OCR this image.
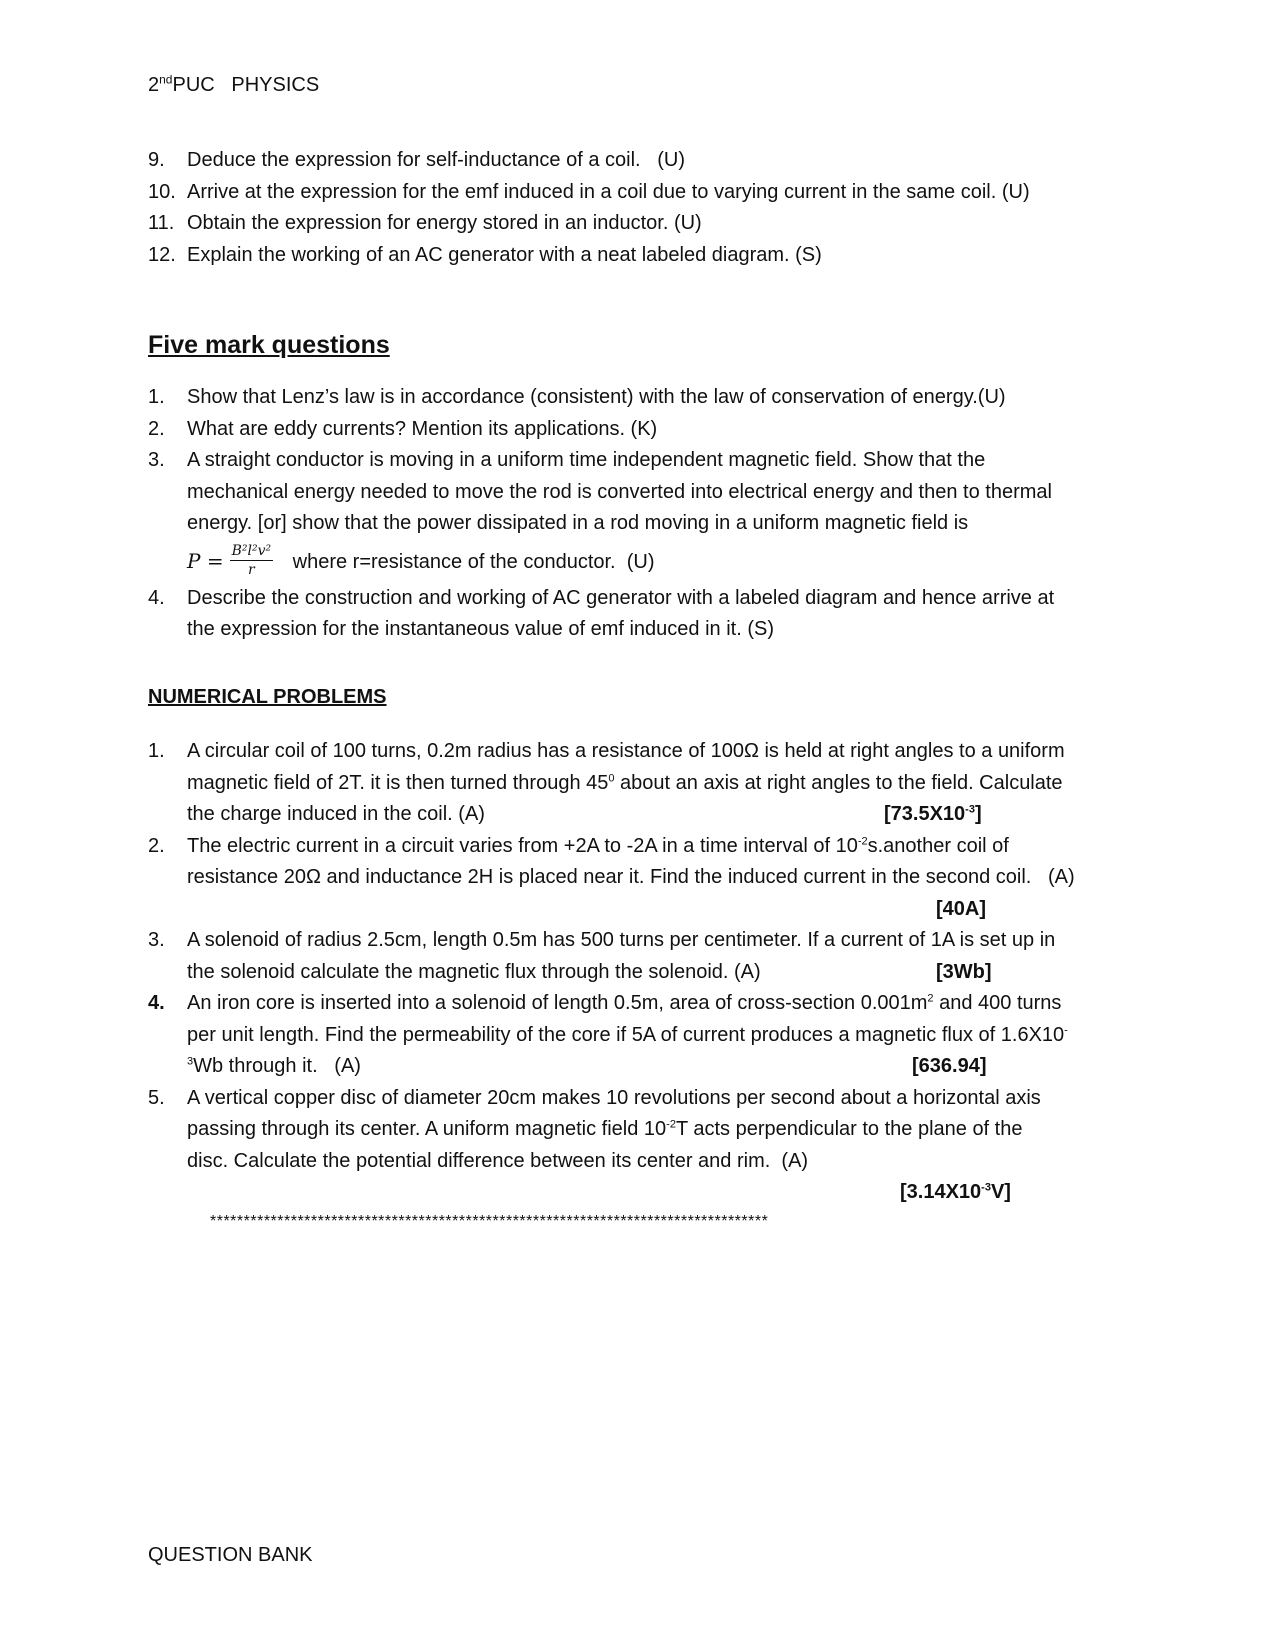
2ndPUC   PHYSICS
9. Deduce the expression for self-inductance of a coil.   (U)
10. Arrive at the expression for the emf induced in a coil due to varying current in the same coil. (U)
11. Obtain the expression for energy stored in an inductor. (U)
12. Explain the working of an AC generator with a neat labeled diagram. (S)
Five mark questions
1. Show that Lenz’s law is in accordance (consistent) with the law of conservation of energy.(U)
2. What are eddy currents? Mention its applications. (K)
3. A straight conductor is moving in a uniform time independent magnetic field. Show that the
mechanical energy needed to move the rod is converted into electrical energy and then to thermal
energy. [or] show that the power dissipated in a rod moving in a uniform magnetic field is
$P = \frac{\text{B²l²v²}}{r}$ where r=resistance of the conductor.  (U)
4. Describe the construction and working of AC generator with a labeled diagram and hence arrive at
the expression for the instantaneous value of emf induced in it. (S)
NUMERICAL PROBLEMS
1. A circular coil of 100 turns, 0.2m radius has a resistance of 100Ω is held at right angles to a uniform
magnetic field of 2T. it is then turned through $45^0$ about an axis at right angles to the field. Calculate
the charge induced in the coil. (A)	$[73.5X10^{-3}]$
2. The electric current in a circuit varies from +2A to -2A in a time interval of $10^{-2}s.another$ coil of
resistance 20Ω and inductance 2H is placed near it. Find the induced current in the second coil.   (A)

[40A]
3. A solenoid of radius 2.5cm, length 0.5m has 500 turns per centimeter. If a current of 1A is set up in
the solenoid calculate the magnetic flux through the solenoid. (A)	[3Wb]
4. An iron core is inserted into a solenoid of length 0.5m, area of cross-section $0.001m^2$ and 400 turns
per unit length. Find the permeability of the core if 5A of current produces a magnetic flux of 1.6X10-
$^3$Wb through it.   (A)	[636.94]
5. A vertical copper disc of diameter 20cm makes 10 revolutions per second about a horizontal axis
passing through its center. A uniform magnetic field $10^{-2}T$ acts perpendicular to the plane of the
disc. Calculate the potential difference between its center and rim.  (A)

$[3.14X10^{-3}V]$
***********************************************************************************
QUESTION BANK
